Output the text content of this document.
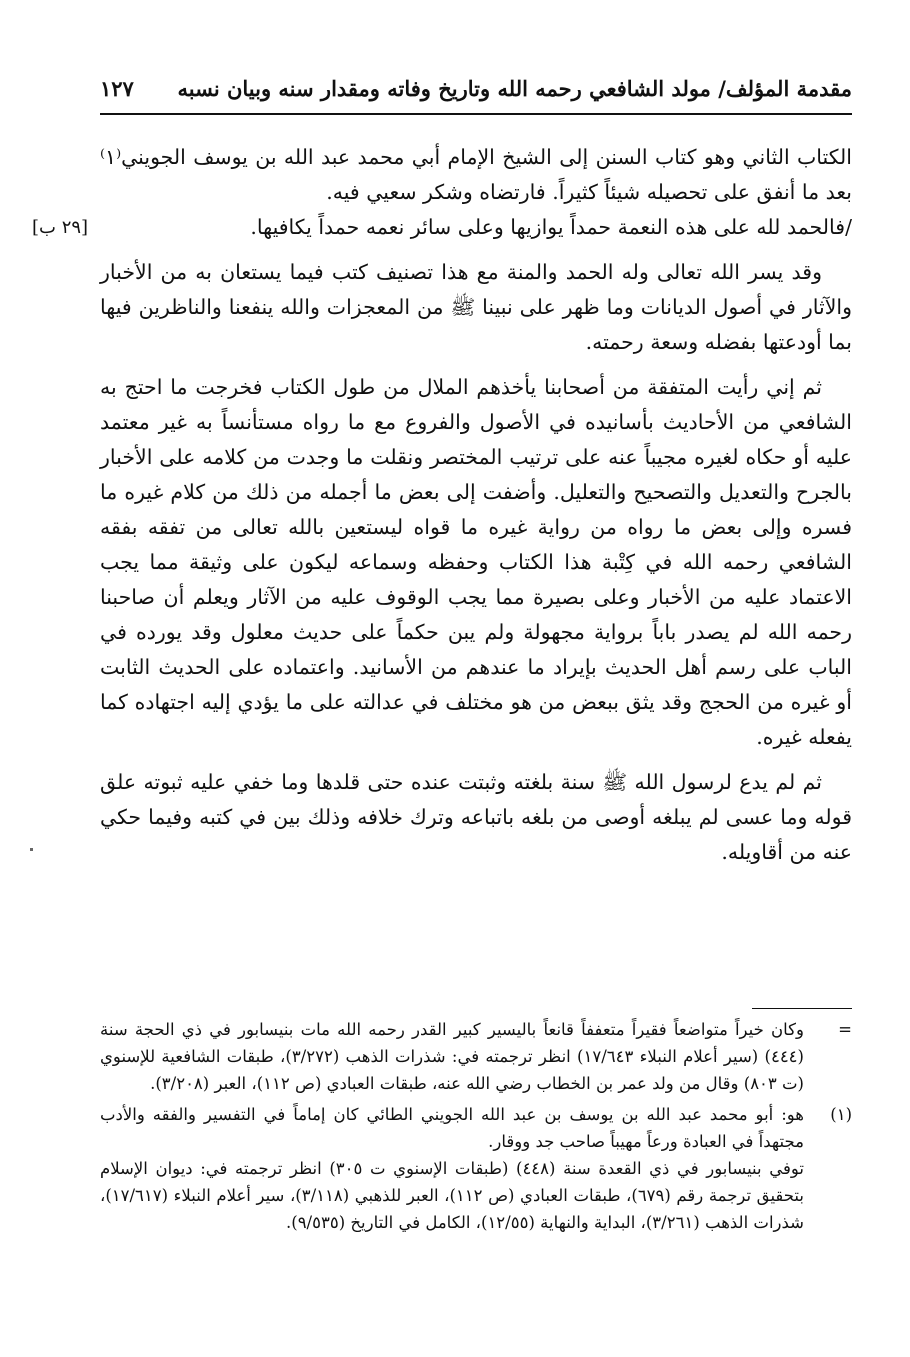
مقدمة المؤلف/ مولد الشافعي رحمه الله وتاريخ وفاته ومقدار سنه وبيان نسبه
١٢٧

الكتاب الثاني وهو كتاب السنن إلى الشيخ الإمام أبي محمد عبد الله بن يوسف الجويني⁽١⁾ بعد ما أنفق على تحصيله شيئاً كثيراً. فارتضاه وشكر سعيي فيه.

/فالحمد لله على هذه النعمة حمداً يوازيها وعلى سائر نعمه حمداً يكافيها.
[٢٩ ب]

وقد يسر الله تعالى وله الحمد والمنة مع هذا تصنيف كتب فيما يستعان به من الأخبار والآثار في أصول الديانات وما ظهر على نبينا ﷺ من المعجزات والله ينفعنا والناظرين فيها بما أودعتها بفضله وسعة رحمته.

ثم إني رأيت المتفقة من أصحابنا يأخذهم الملال من طول الكتاب فخرجت ما احتج به الشافعي من الأحاديث بأسانيده في الأصول والفروع مع ما رواه مستأنساً به غير معتمد عليه أو حكاه لغيره مجيباً عنه على ترتيب المختصر ونقلت ما وجدت من كلامه على الأخبار بالجرح والتعديل والتصحيح والتعليل. وأضفت إلى بعض ما أجمله من ذلك من كلام غيره ما فسره وإلى بعض ما رواه من رواية غيره ما قواه ليستعين بالله تعالى من تفقه بفقه الشافعي رحمه الله في كِتْبة هذا الكتاب وحفظه وسماعه ليكون على وثيقة مما يجب الاعتماد عليه من الأخبار وعلى بصيرة مما يجب الوقوف عليه من الآثار ويعلم أن صاحبنا رحمه الله لم يصدر باباً برواية مجهولة ولم يبن حكماً على حديث معلول وقد يورده في الباب على رسم أهل الحديث بإيراد ما عندهم من الأسانيد. واعتماده على الحديث الثابت أو غيره من الحجج وقد يثق ببعض من هو مختلف في عدالته على ما يؤدي إليه اجتهاده كما يفعله غيره.

ثم لم يدع لرسول الله ﷺ سنة بلغته وثبتت عنده حتى قلدها وما خفي عليه ثبوته علق قوله وما عسى لم يبلغه أوصى من بلغه باتباعه وترك خلافه وذلك بين في كتبه وفيما حكي عنه من أقاويله.

=

وكان خيراً متواضعاً فقيراً متعففاً قانعاً باليسير كبير القدر رحمه الله مات بنيسابور في ذي الحجة سنة (٤٤٤) (سير أعلام النبلاء ١٧/٦٤٣) انظر ترجمته في: شذرات الذهب (٣/٢٧٢)، طبقات الشافعية للإسنوي (ت ٨٠٣) وقال من ولد عمر بن الخطاب رضي الله عنه، طبقات العبادي (ص ١١٢)، العبر (٣/٢٠٨).

(١)

هو: أبو محمد عبد الله بن يوسف بن عبد الله الجويني الطائي كان إماماً في التفسير والفقه والأدب مجتهداً في العبادة ورعاً مهيباً صاحب جد ووقار.

توفي بنيسابور في ذي القعدة سنة (٤٤٨) (طبقات الإسنوي ت ٣٠٥) انظر ترجمته في: ديوان الإسلام بتحقيق ترجمة رقم (٦٧٩)، طبقات العبادي (ص ١١٢)، العبر للذهبي (٣/١١٨)، سير أعلام النبلاء (١٧/٦١٧)، شذرات الذهب (٣/٢٦١)، البداية والنهاية (١٢/٥٥)، الكامل في التاريخ (٩/٥٣٥).
